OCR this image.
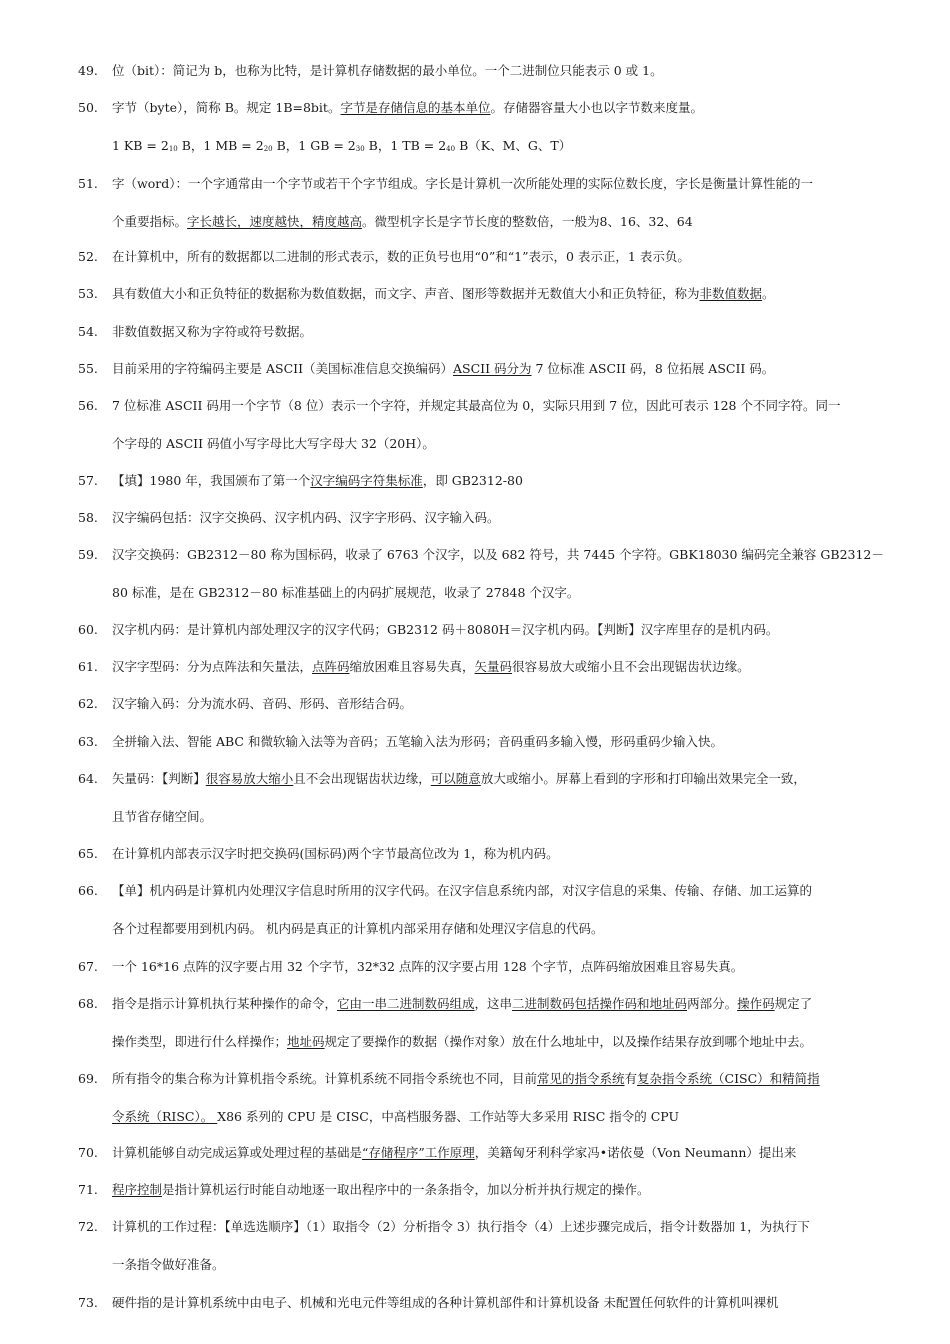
49. 位（bit）：简记为 b，也称为比特，是计算机存储数据的最小单位。一个二进制位只能表示 0 或 1。
50. 字节（byte），简称 B。规定 1B=8bit。字节是存储信息的基本单位。存储器容量大小也以字节数来度量。
1 KB = $2_{10}$ B，1 MB = $2_{20}$ B，1 GB = $2_{30}$ B，1 TB = $2_{40}$ B（K、M、G、T）
51. 字（word）：一个字通常由一个字节或若干个字节组成。字长是计算机一次所能处理的实际位数长度，字长是衡量计算性能的一
个重要指标。字长越长，速度越快，精度越高。微型机字长是字节长度的整数倍，一般为8、16、32、64
52. 在计算机中，所有的数据都以二进制的形式表示，数的正负号也用“0”和“1”表示，0 表示正，1 表示负。
53. 具有数值大小和正负特征的数据称为数值数据，而文字、声音、图形等数据并无数值大小和正负特征，称为非数值数据。
54. 非数值数据又称为字符或符号数据。
55. 目前采用的字符编码主要是 ASCII（美国标准信息交换编码）ASCII 码分为 7 位标准 ASCII 码，8 位拓展 ASCII 码。
56. 7 位标准 ASCII 码用一个字节（8 位）表示一个字符，并规定其最高位为 0，实际只用到 7 位，因此可表示 128 个不同字符。同一
个字母的 ASCII 码值小写字母比大写字母大 32（20H）。
57. 【填】1980 年，我国颁布了第一个汉字编码字符集标准，即 GB2312-80
58. 汉字编码包括：汉字交换码、汉字机内码、汉字字形码、汉字输入码。
59. 汉字交换码：GB2312－80 称为国标码，收录了 6763 个汉字，以及 682 符号，共 7445 个字符。GBK18030 编码完全兼容 GB2312－
80 标准，是在 GB2312－80 标准基础上的内码扩展规范，收录了 27848 个汉字。
60. 汉字机内码：是计算机内部处理汉字的汉字代码；GB2312 码＋8080H＝汉字机内码。【判断】汉字库里存的是机内码。
61. 汉字字型码：分为点阵法和矢量法，点阵码缩放困难且容易失真，矢量码很容易放大或缩小且不会出现锯齿状边缘。
62. 汉字输入码：分为流水码、音码、形码、音形结合码。
63. 全拼输入法、智能 ABC 和微软输入法等为音码；五笔输入法为形码；音码重码多输入慢，形码重码少输入快。
64. 矢量码：【判断】很容易放大缩小且不会出现锯齿状边缘，可以随意放大或缩小。屏幕上看到的字形和打印输出效果完全一致，
且节省存储空间。
65. 在计算机内部表示汉字时把交换码(国标码)两个字节最高位改为 1，称为机内码。
66. 【单】机内码是计算机内处理汉字信息时所用的汉字代码。在汉字信息系统内部，对汉字信息的采集、传输、存储、加工运算的
各个过程都要用到机内码。 机内码是真正的计算机内部采用存储和处理汉字信息的代码。
67. 一个 16*16 点阵的汉字要占用 32 个字节，32*32 点阵的汉字要占用 128 个字节，点阵码缩放困难且容易失真。
68. 指令是指示计算机执行某种操作的命令，它由一串二进制数码组成，这串二进制数码包括操作码和地址码两部分。操作码规定了
操作类型，即进行什么样操作；地址码规定了要操作的数据（操作对象）放在什么地址中，以及操作结果存放到哪个地址中去。
69. 所有指令的集合称为计算机指令系统。计算机系统不同指令系统也不同，目前常见的指令系统有复杂指令系统（CISC）和精简指
令系统（RISC）。 X86 系列的 CPU 是 CISC，中高档服务器、工作站等大多采用 RISC 指令的 CPU
70. 计算机能够自动完成运算或处理过程的基础是“存储程序”工作原理，美籍匈牙利科学家冯•诺依曼（Von Neumann）提出来
71. 程序控制是指计算机运行时能自动地逐一取出程序中的一条条指令，加以分析并执行规定的操作。
72. 计算机的工作过程：【单选选顺序】（1）取指令（2）分析指令 3）执行指令（4）上述步骤完成后，指令计数器加 1，为执行下
一条指令做好准备。
73. 硬件指的是计算机系统中由电子、机械和光电元件等组成的各种计算机部件和计算机设备 未配置任何软件的计算机叫裸机
